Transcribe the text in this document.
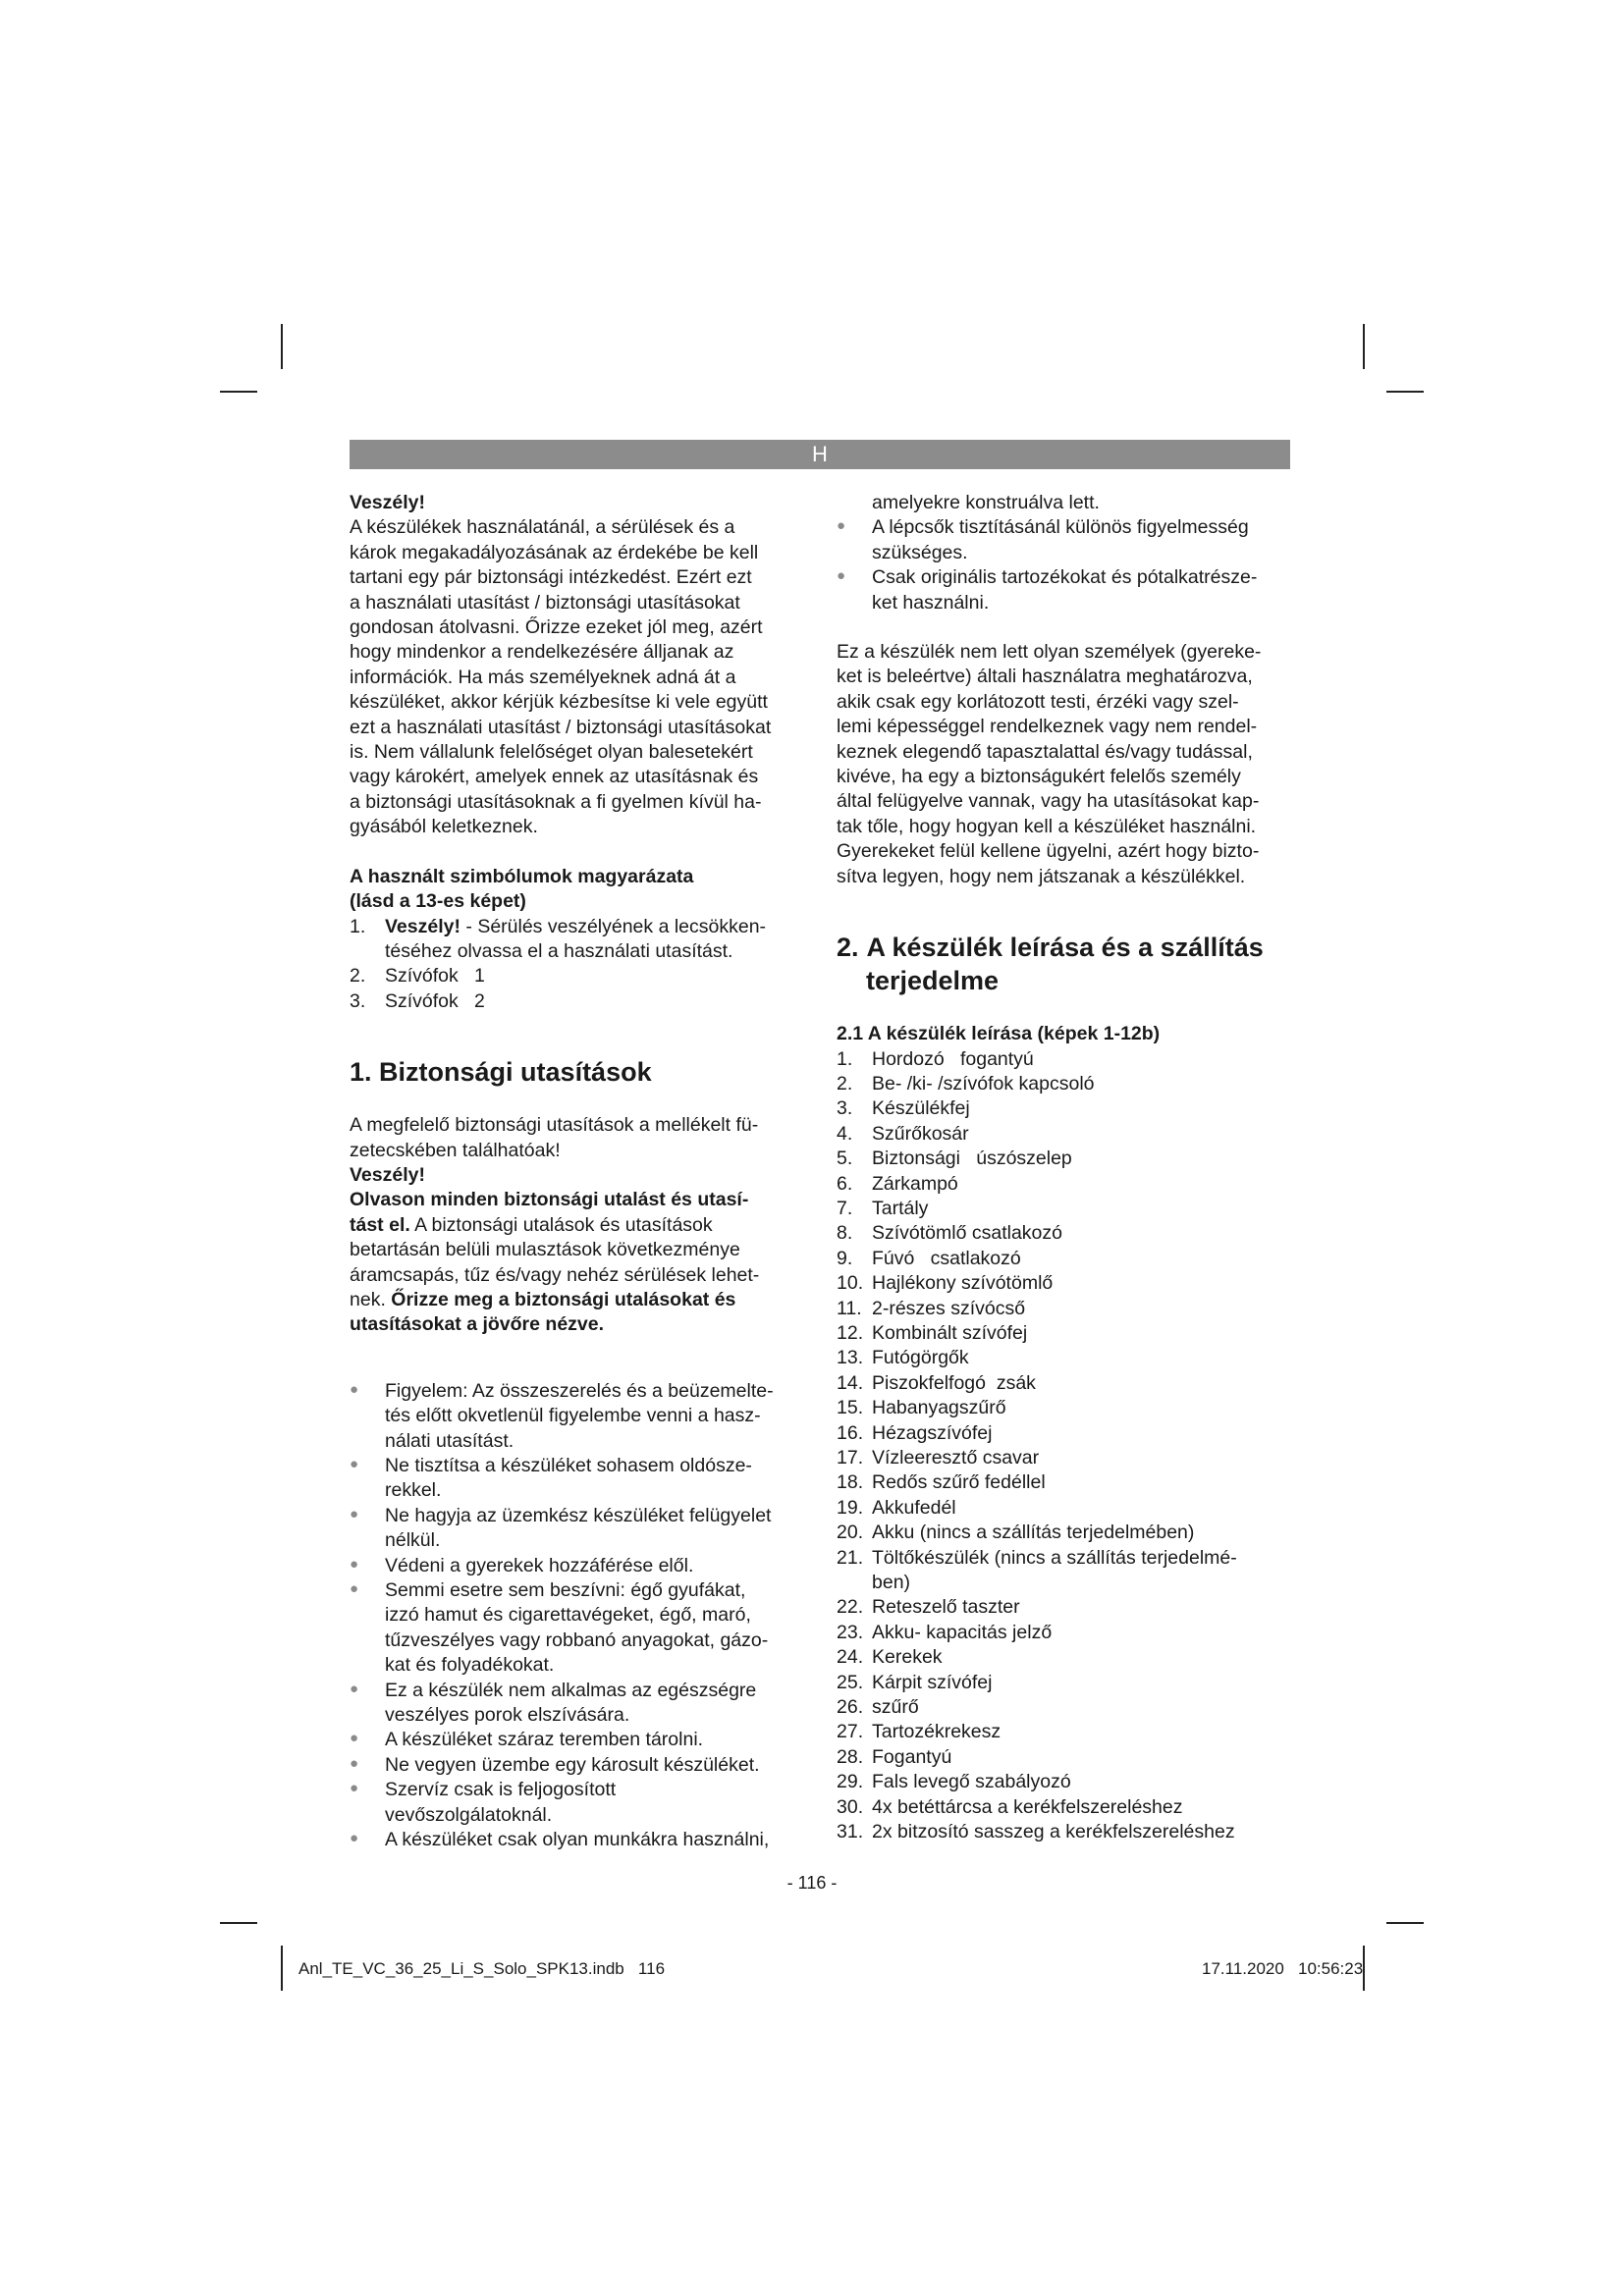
H

Veszély!

A készülékek használatánál, a sérülések és a
károk megakadályozásának az érdekébe be kell
tartani egy pár biztonsági intézkedést. Ezért ezt
a használati utasítást / biztonsági utasításokat
gondosan átolvasni. Őrizze ezeket jól meg, azért
hogy mindenkor a rendelkezésére álljanak az
információk. Ha más személyeknek adná át a
készüléket, akkor kérjük kézbesítse ki vele együtt
ezt a használati utasítást / biztonsági utasításokat
is. Nem vállalunk felelőséget olyan balesetekért
vagy károkért, amelyek ennek az utasításnak és
a biztonsági utasításoknak a fi gyelmen kívül ha-
gyásából keletkeznek.

A használt szimbólumok magyarázata

(lásd a 13-es képet)

1.	Veszély! - Sérülés veszélyének a lecsökken-
téséhez olvassa el a használati utasítást.
2.	Szívófok   1
3.	Szívófok   2
1. Biztonsági utasítások
A megfelelő biztonsági utasítások a mellékelt fü-
zetecskében találhatóak!

Veszély!

Olvason minden biztonsági utalást és utasí-
tást el. A biztonsági utalások és utasítások
betartásán belüli mulasztások következménye
áramcsapás, tűz és/vagy nehéz sérülések lehet-
nek. Őrizze meg a biztonsági utalásokat és
utasításokat a jövőre nézve.
●	Figyelem: Az összeszerelés és a beüzemelte-
tés előtt okvetlenül figyelembe venni a hasz-
nálati utasítást.
●	Ne tisztítsa a készüléket sohasem oldósze-
rekkel.
●	Ne hagyja az üzemkész készüléket felügyelet
nélkül.
●	Védeni a gyerekek hozzáférése elől.
●	Semmi esetre sem beszívni: égő gyufákat,
izzó hamut és cigarettavégeket, égő, maró,
tűzveszélyes vagy robbanó anyagokat, gázo-
kat és folyadékokat.
●	Ez a készülék nem alkalmas az egészségre
veszélyes porok elszívására.
●	A készüléket száraz teremben tárolni.
●	Ne vegyen üzembe egy károsult készüléket.
●	Szervíz csak is feljogosított
vevőszolgálatoknál.
●	A készüléket csak olyan munkákra használni,
amelyekre konstruálva lett.
●	A lépcsők tisztításánál különös figyelmesség
szükséges.
●	Csak originális tartozékokat és pótalkatrésze-
ket használni.
Ez a készülék nem lett olyan személyek (gyereke-
ket is beleértve) általi használatra meghatározva,
akik csak egy korlátozott testi, érzéki vagy szel-
lemi képességgel rendelkeznek vagy nem rendel-
keznek elegendő tapasztalattal és/vagy tudással,
kivéve, ha egy a biztonságukért felelős személy
által felügyelve vannak, vagy ha utasításokat kap-
tak tőle, hogy hogyan kell a készüléket használni.
Gyerekeket felül kellene ügyelni, azért hogy bizto-
sítva legyen, hogy nem játszanak a készülékkel.
2. A készülék leírása és a szállítás
terjedelme

2.1 A készülék leírása (képek 1-12b)

1.	Hordozó   fogantyú
2.	Be- /ki- /szívófok kapcsoló
3.	Készülékfej
4.	Szűrőkosár
5.	Biztonsági   úszószelep
6.	Zárkampó
7.	Tartály
8.	Szívótömlő csatlakozó
9.	Fúvó   csatlakozó
10. Hajlékony szívótömlő
11. 2-részes szívócső
12. Kombinált szívófej
13. Futógörgők
14. Piszokfelfogó  zsák
15. Habanyagszűrő
16. Hézagszívófej
17. Vízleeresztő csavar
18. Redős szűrő fedéllel
19. Akkufedél
20. Akku (nincs a szállítás terjedelmében)
21. Töltőkészülék (nincs a szállítás terjedelmé-
ben)
22. Reteszelő taszter
23. Akku- kapacitás jelző
24. Kerekek
25. Kárpit szívófej
26. szűrő
27. Tartozékrekesz
28. Fogantyú
29. Fals levegő szabályozó
30. 4x betéttárcsa a kerékfelszereléshez
31. 2x bitzosító sasszeg a kerékfelszereléshez
- 116 -
Anl_TE_VC_36_25_Li_S_Solo_SPK13.indb   116	17.11.2020   10:56:23
